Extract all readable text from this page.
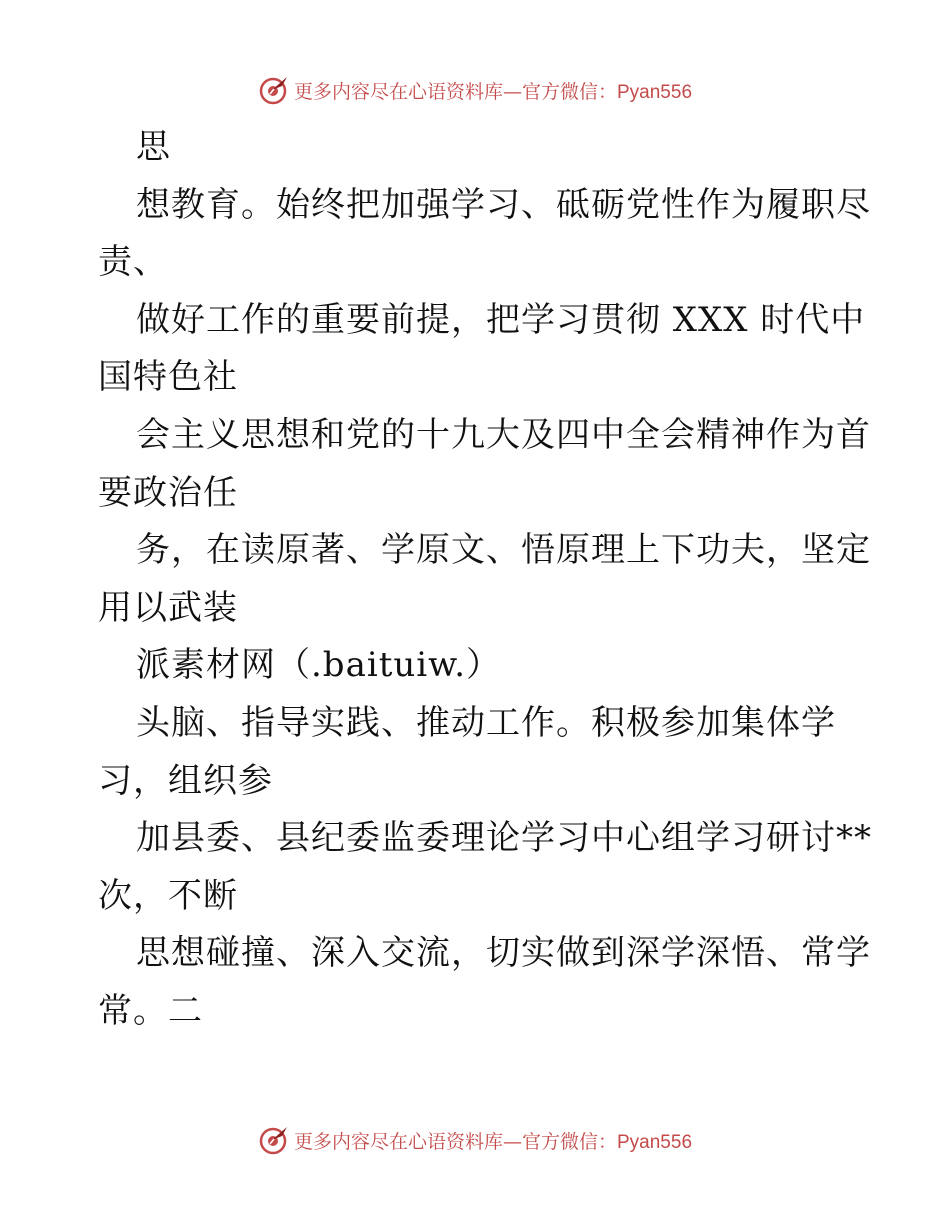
更多内容尽在心语资料库—官方微信：Pyan556
思
想教育。始终把加强学习、砥砺党性作为履职尽
责、
做好工作的重要前提，把学习贯彻 XXX 时代中
国特色社
会主义思想和党的十九大及四中全会精神作为首
要政治任
务，在读原著、学原文、悟原理上下功夫，坚定
用以武装
派素材网（.baituiw.）
头脑、指导实践、推动工作。积极参加集体学
习，组织参
加县委、县纪委监委理论学习中心组学习研讨**
次，不断
思想碰撞、深入交流，切实做到深学深悟、常学
常。二
更多内容尽在心语资料库—官方微信：Pyan556
